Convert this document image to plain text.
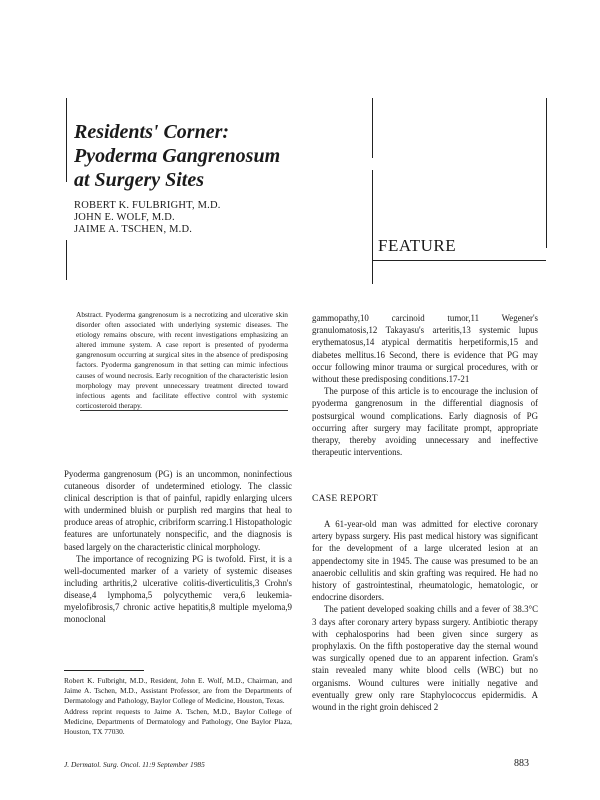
Residents' Corner:
Pyoderma Gangrenosum
at Surgery Sites
ROBERT K. FULBRIGHT, M.D.
JOHN E. WOLF, M.D.
JAIME A. TSCHEN, M.D.
FEATURE
Abstract. Pyoderma gangrenosum is a necrotizing and ulcerative skin disorder often associated with underlying systemic diseases. The etiology remains obscure, with recent investigations emphasizing an altered immune system. A case report is presented of pyoderma gangrenosum occurring at surgical sites in the absence of predisposing factors. Pyoderma gangrenosum in that setting can mimic infectious causes of wound necrosis. Early recognition of the characteristic lesion morphology may prevent unnecessary treatment directed toward infectious agents and facilitate effective control with systemic corticosteroid therapy.

Pyoderma gangrenosum (PG) is an uncommon, noninfectious cutaneous disorder of undetermined etiology. The classic clinical description is that of painful, rapidly enlarging ulcers with undermined bluish or purplish red margins that heal to produce areas of atrophic, cribriform scarring.1 Histopathologic features are unfortunately nonspecific, and the diagnosis is based largely on the characteristic clinical morphology.

The importance of recognizing PG is twofold. First, it is a well-documented marker of a variety of systemic diseases including arthritis,2 ulcerative colitis-diverticulitis,3 Crohn's disease,4 lymphoma,5 polycythemic vera,6 leukemia-myelofibrosis,7 chronic active hepatitis,8 multiple myeloma,9 monoclonal

gammopathy,10 carcinoid tumor,11 Wegener's granulomatosis,12 Takayasu's arteritis,13 systemic lupus erythematosus,14 atypical dermatitis herpetiformis,15 and diabetes mellitus.16 Second, there is evidence that PG may occur following minor trauma or surgical procedures, with or without these predisposing conditions.17-21

The purpose of this article is to encourage the inclusion of pyoderma gangrenosum in the differential diagnosis of postsurgical wound complications. Early diagnosis of PG occurring after surgery may facilitate prompt, appropriate therapy, thereby avoiding unnecessary and ineffective therapeutic interventions.

CASE REPORT

A 61-year-old man was admitted for elective coronary artery bypass surgery. His past medical history was significant for the development of a large ulcerated lesion at an appendectomy site in 1945. The cause was presumed to be an anaerobic cellulitis and skin grafting was required. He had no history of gastrointestinal, rheumatologic, hematologic, or endocrine disorders.

The patient developed soaking chills and a fever of 38.3°C 3 days after coronary artery bypass surgery. Antibiotic therapy with cephalosporins had been given since surgery as prophylaxis. On the fifth postoperative day the sternal wound was surgically opened due to an apparent infection. Gram's stain revealed many white blood cells (WBC) but no organisms. Wound cultures were initially negative and eventually grew only rare Staphylococcus epidermidis. A wound in the right groin dehisced 2

Robert K. Fulbright, M.D., Resident, John E. Wolf, M.D., Chairman, and Jaime A. Tschen, M.D., Assistant Professor, are from the Departments of Dermatology and Pathology, Baylor College of Medicine, Houston, Texas.

Address reprint requests to Jaime A. Tschen, M.D., Baylor College of Medicine, Departments of Dermatology and Pathology, One Baylor Plaza, Houston, TX 77030.

J. Dermatol. Surg. Oncol. 11:9 September 1985	883
